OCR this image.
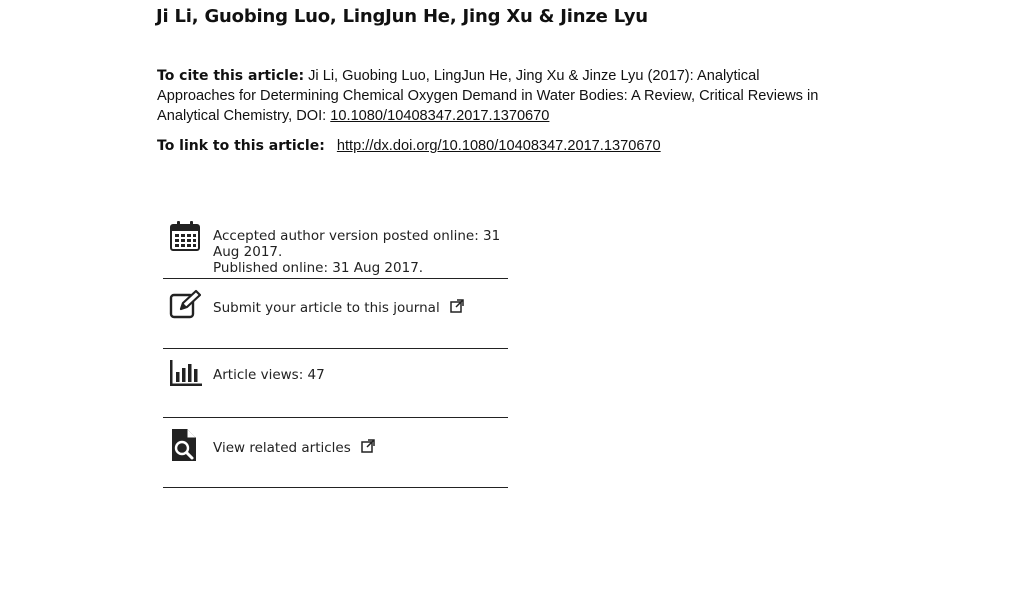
Ji Li, Guobing Luo, LingJun He, Jing Xu & Jinze Lyu
To cite this article: Ji Li, Guobing Luo, LingJun He, Jing Xu & Jinze Lyu (2017): Analytical Approaches for Determining Chemical Oxygen Demand in Water Bodies: A Review, Critical Reviews in Analytical Chemistry, DOI: 10.1080/10408347.2017.1370670
To link to this article: http://dx.doi.org/10.1080/10408347.2017.1370670
Accepted author version posted online: 31 Aug 2017.
Published online: 31 Aug 2017.
Submit your article to this journal
Article views: 47
View related articles
